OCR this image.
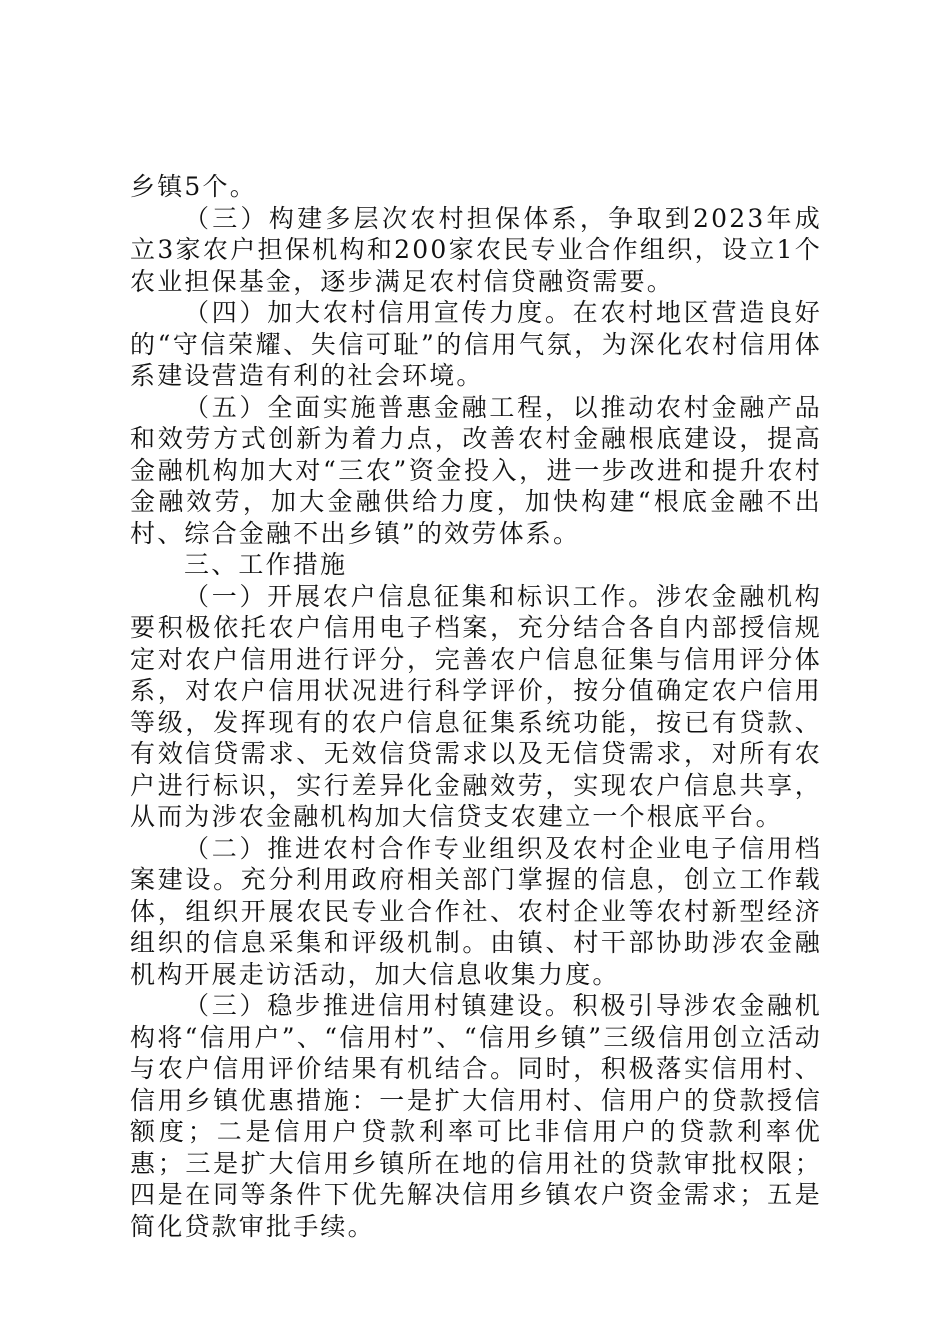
乡镇5个。

（三）构建多层次农村担保体系，争取到2023年成立3家农户担保机构和200家农民专业合作组织，设立1个农业担保基金，逐步满足农村信贷融资需要。

（四）加大农村信用宣传力度。在农村地区营造良好的“守信荣耀、失信可耻”的信用气氛，为深化农村信用体系建设营造有利的社会环境。

（五）全面实施普惠金融工程，以推动农村金融产品和效劳方式创新为着力点，改善农村金融根底建设，提高金融机构加大对“三农”资金投入，进一步改进和提升农村金融效劳，加大金融供给力度，加快构建“根底金融不出村、综合金融不出乡镇”的效劳体系。

三、工作措施

（一）开展农户信息征集和标识工作。涉农金融机构要积极依托农户信用电子档案，充分结合各自内部授信规定对农户信用进行评分，完善农户信息征集与信用评分体系，对农户信用状况进行科学评价，按分值确定农户信用等级，发挥现有的农户信息征集系统功能，按已有贷款、有效信贷需求、无效信贷需求以及无信贷需求，对所有农户进行标识，实行差异化金融效劳，实现农户信息共享，从而为涉农金融机构加大信贷支农建立一个根底平台。

（二）推进农村合作专业组织及农村企业电子信用档案建设。充分利用政府相关部门掌握的信息，创立工作载体，组织开展农民专业合作社、农村企业等农村新型经济组织的信息采集和评级机制。由镇、村干部协助涉农金融机构开展走访活动，加大信息收集力度。

（三）稳步推进信用村镇建设。积极引导涉农金融机构将“信用户”、“信用村”、“信用乡镇”三级信用创立活动与农户信用评价结果有机结合。同时，积极落实信用村、信用乡镇优惠措施：一是扩大信用村、信用户的贷款授信额度；二是信用户贷款利率可比非信用户的贷款利率优惠；三是扩大信用乡镇所在地的信用社的贷款审批权限；四是在同等条件下优先解决信用乡镇农户资金需求；五是简化贷款审批手续。
